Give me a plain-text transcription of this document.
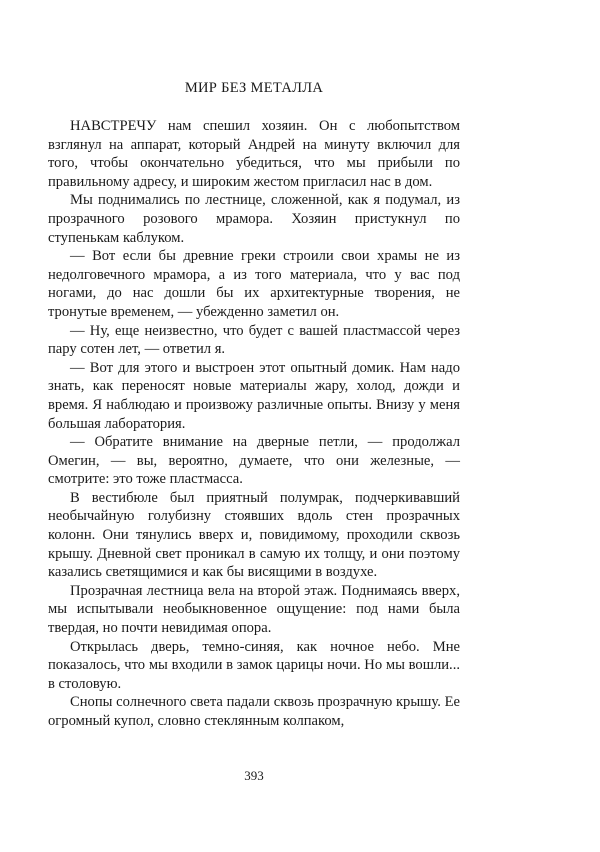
МИР БЕЗ МЕТАЛЛА

НАВСТРЕЧУ нам спешил хозяин. Он с любопытством взглянул на аппарат, который Андрей на минуту включил для того, чтобы окончательно убедиться, что мы прибыли по правильному адресу, и широким жестом пригласил нас в дом.

Мы поднимались по лестнице, сложенной, как я подумал, из прозрачного розового мрамора. Хозяин пристукнул по ступенькам каблуком.

— Вот если бы древние греки строили свои храмы не из недолговечного мрамора, а из того материала, что у вас под ногами, до нас дошли бы их архитектурные творения, не тронутые временем, — убежденно заметил он.

— Ну, еще неизвестно, что будет с вашей пластмассой через пару сотен лет, — ответил я.

— Вот для этого и выстроен этот опытный домик. Нам надо знать, как переносят новые материалы жару, холод, дожди и время. Я наблюдаю и произвожу различные опыты. Внизу у меня большая лаборатория.

— Обратите внимание на дверные петли, — продолжал Омегин, — вы, вероятно, думаете, что они железные, — смотрите: это тоже пластмасса.

В вестибюле был приятный полумрак, подчеркивавший необычайную голубизну стоявших вдоль стен прозрачных колонн. Они тянулись вверх и, повидимому, проходили сквозь крышу. Дневной свет проникал в самую их толщу, и они поэтому казались светящимися и как бы висящими в воздухе.

Прозрачная лестница вела на второй этаж. Поднимаясь вверх, мы испытывали необыкновенное ощущение: под нами была твердая, но почти невидимая опора.

Открылась дверь, темно-синяя, как ночное небо. Мне показалось, что мы входили в замок царицы ночи. Но мы вошли... в столовую.

Снопы солнечного света падали сквозь прозрачную крышу. Ее огромный купол, словно стеклянным колпаком,

393
